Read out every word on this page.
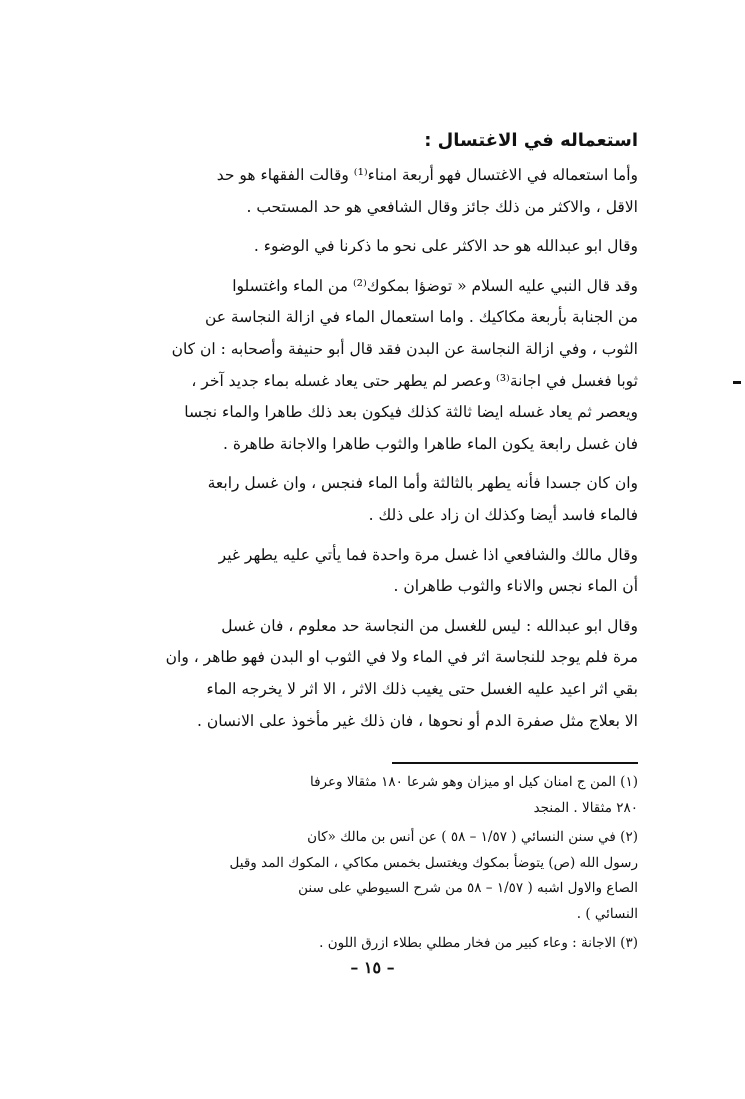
استعماله في الاغتسال :
وأما استعماله في الاغتسال فهو أربعة امناء⁽¹⁾ وقالت الفقهاء هو حد
الاقل ، والاكثر من ذلك جائز وقال الشافعي هو حد المستحب .
وقال ابو عبدالله هو حد الاكثر على نحو ما ذكرنا في الوضوء .
وقد قال النبي عليه السلام « توضؤا بمكوك⁽²⁾ من الماء واغتسلوا
من الجنابة بأربعة مكاكيك . واما استعمال الماء في ازالة النجاسة عن
الثوب ، وفي ازالة النجاسة عن البدن فقد قال أبو حنيفة وأصحابه : ان كان
ثوبا فغسل في اجانة⁽³⁾ وعصر لم يطهر حتى يعاد غسله بماء جديد آخر ،
ويعصر ثم يعاد غسله ايضا ثالثة كذلك فيكون بعد ذلك طاهرا والماء نجسا
فان غسل رابعة يكون الماء طاهرا والثوب طاهرا والاجانة طاهرة .
وان كان جسدا فأنه يطهر بالثالثة وأما الماء فنجس ، وان غسل رابعة
فالماء فاسد أيضا وكذلك ان زاد على ذلك .
وقال مالك والشافعي اذا غسل مرة واحدة فما يأتي عليه يطهر غير
أن الماء نجس والاناء والثوب طاهران .
وقال ابو عبدالله : ليس للغسل من النجاسة حد معلوم ، فان غسل
مرة فلم يوجد للنجاسة اثر في الماء ولا في الثوب او البدن فهو طاهر ، وان
بقي اثر اعيد عليه الغسل حتى يغيب ذلك الاثر ، الا اثر لا يخرجه الماء
الا بعلاج مثل صفرة الدم أو نحوها ، فان ذلك غير مأخوذ على الانسان .
(١) المن ج امنان كيل او ميزان وهو شرعا ١٨٠ مثقالا وعرفا
٢٨٠ مثقالا . المنجد
(٢) في سنن النسائي ( ١/٥٧ – ٥٨ ) عن أنس بن مالك «كان
رسول الله (ص) يتوضأ بمكوك ويغتسل بخمس مكاكي ، المكوك المد وقيل
الصاع والاول اشبه ( ١/٥٧ – ٥٨ من شرح السيوطي على سنن
النسائي ) .
(٣) الاجانة : وعاء كبير من فخار مطلي بطلاء ازرق اللون .
– ١٥ –
